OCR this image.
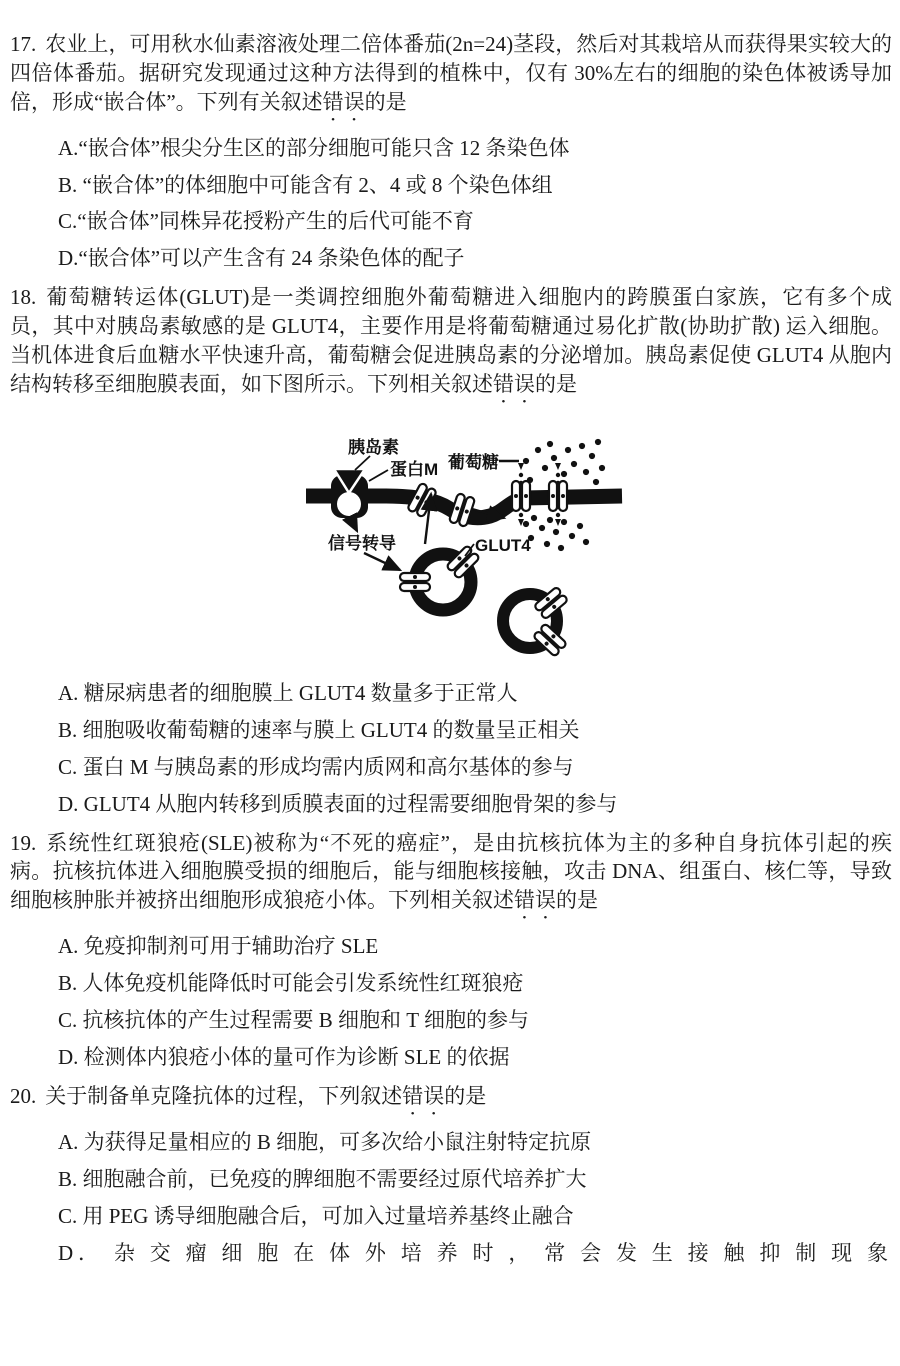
17. 农业上，可用秋水仙素溶液处理二倍体番茄(2n=24)茎段，然后对其栽培从而获得果实较大的四倍体番茄。据研究发现通过这种方法得到的植株中，仅有 30%左右的细胞的染色体被诱导加倍，形成“嵌合体”。下列有关叙述错误的是

A.“嵌合体”根尖分生区的部分细胞可能只含 12 条染色体
B. “嵌合体”的体细胞中可能含有 2、4 或 8 个染色体组
C.“嵌合体”同株异花授粉产生的后代可能不育
D.“嵌合体”可以产生含有 24 条染色体的配子

18. 葡萄糖转运体(GLUT)是一类调控细胞外葡萄糖进入细胞内的跨膜蛋白家族，它有多个成员，其中对胰岛素敏感的是 GLUT4，主要作用是将葡萄糖通过易化扩散(协助扩散) 运入细胞。当机体进食后血糖水平快速升高，葡萄糖会促进胰岛素的分泌增加。胰岛素促使 GLUT4 从胞内结构转移至细胞膜表面，如下图所示。下列相关叙述错误的是

胰岛素
蛋白M 葡萄糖
信号转导	GLUT4
A. 糖尿病患者的细胞膜上 GLUT4 数量多于正常人
B. 细胞吸收葡萄糖的速率与膜上 GLUT4 的数量呈正相关
C. 蛋白 M 与胰岛素的形成均需内质网和高尔基体的参与
D. GLUT4 从胞内转移到质膜表面的过程需要细胞骨架的参与

19. 系统性红斑狼疮(SLE)被称为“不死的癌症”，是由抗核抗体为主的多种自身抗体引起的疾病。抗核抗体进入细胞膜受损的细胞后，能与细胞核接触，攻击 DNA、组蛋白、核仁等，导致细胞核肿胀并被挤出细胞形成狼疮小体。下列相关叙述错误的是

A. 免疫抑制剂可用于辅助治疗 SLE
B. 人体免疫机能降低时可能会引发系统性红斑狼疮
C. 抗核抗体的产生过程需要 B 细胞和 T 细胞的参与
D. 检测体内狼疮小体的量可作为诊断 SLE 的依据

20. 关于制备单克隆抗体的过程，下列叙述错误的是

A. 为获得足量相应的 B 细胞，可多次给小鼠注射特定抗原
B. 细胞融合前，已免疫的脾细胞不需要经过原代培养扩大
C. 用 PEG 诱导细胞融合后，可加入过量培养基终止融合
D． 杂 交 瘤 细 胞 在 体 外 培 养 时 ， 常 会 发 生 接 触 抑 制 现 象
